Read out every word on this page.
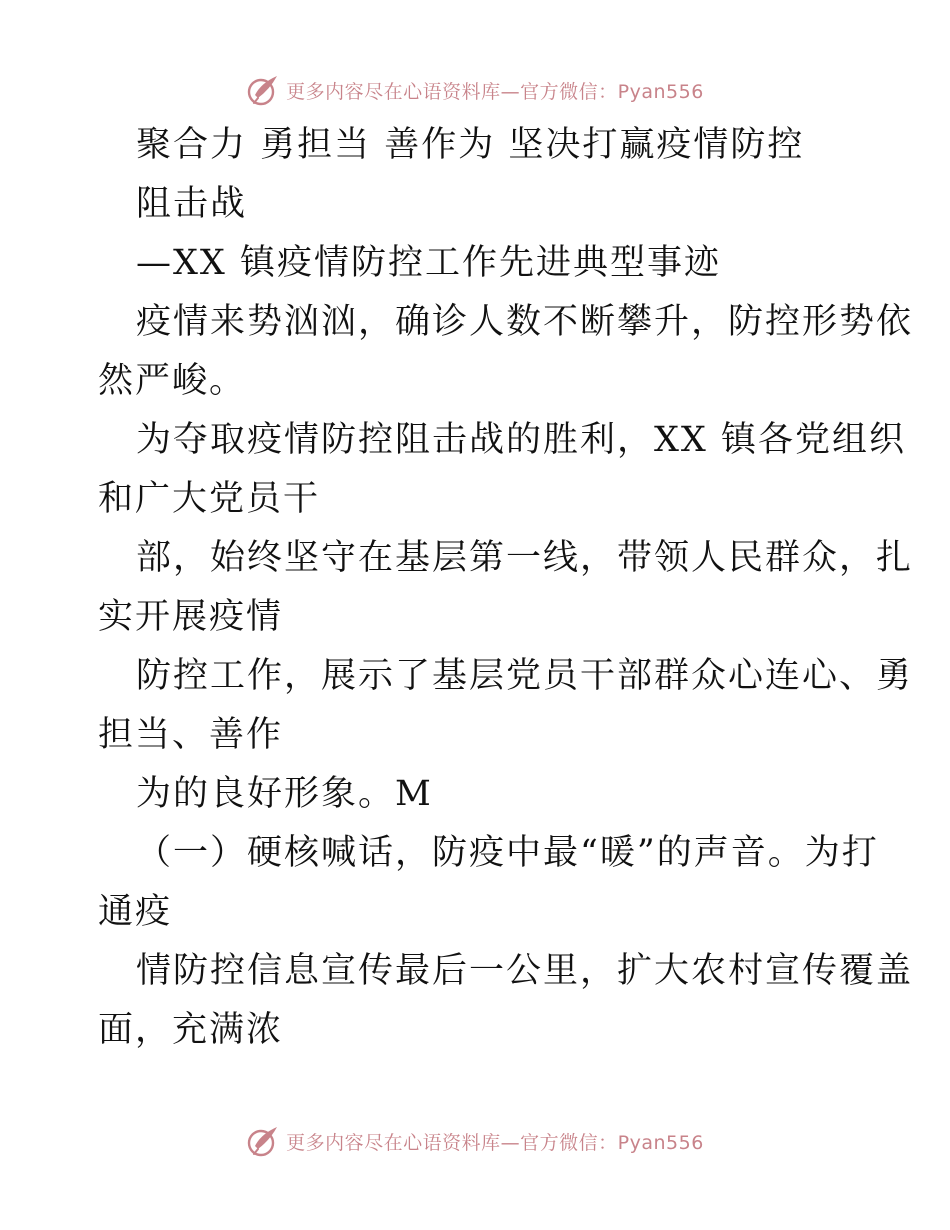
更多内容尽在心语资料库—官方微信：Pyan556
聚合力 勇担当 善作为 坚决打赢疫情防控
阻击战
—XX 镇疫情防控工作先进典型事迹
疫情来势汹汹，确诊人数不断攀升，防控形势依
然严峻。
为夺取疫情防控阻击战的胜利，XX 镇各党组织
和广大党员干
部，始终坚守在基层第一线，带领人民群众，扎
实开展疫情
防控工作，展示了基层党员干部群众心连心、勇
担当、善作
为的良好形象。M
（一）硬核喊话，防疫中最“暖”的声音。为打
通疫
情防控信息宣传最后一公里，扩大农村宣传覆盖
面，充满浓
更多内容尽在心语资料库—官方微信：Pyan556
